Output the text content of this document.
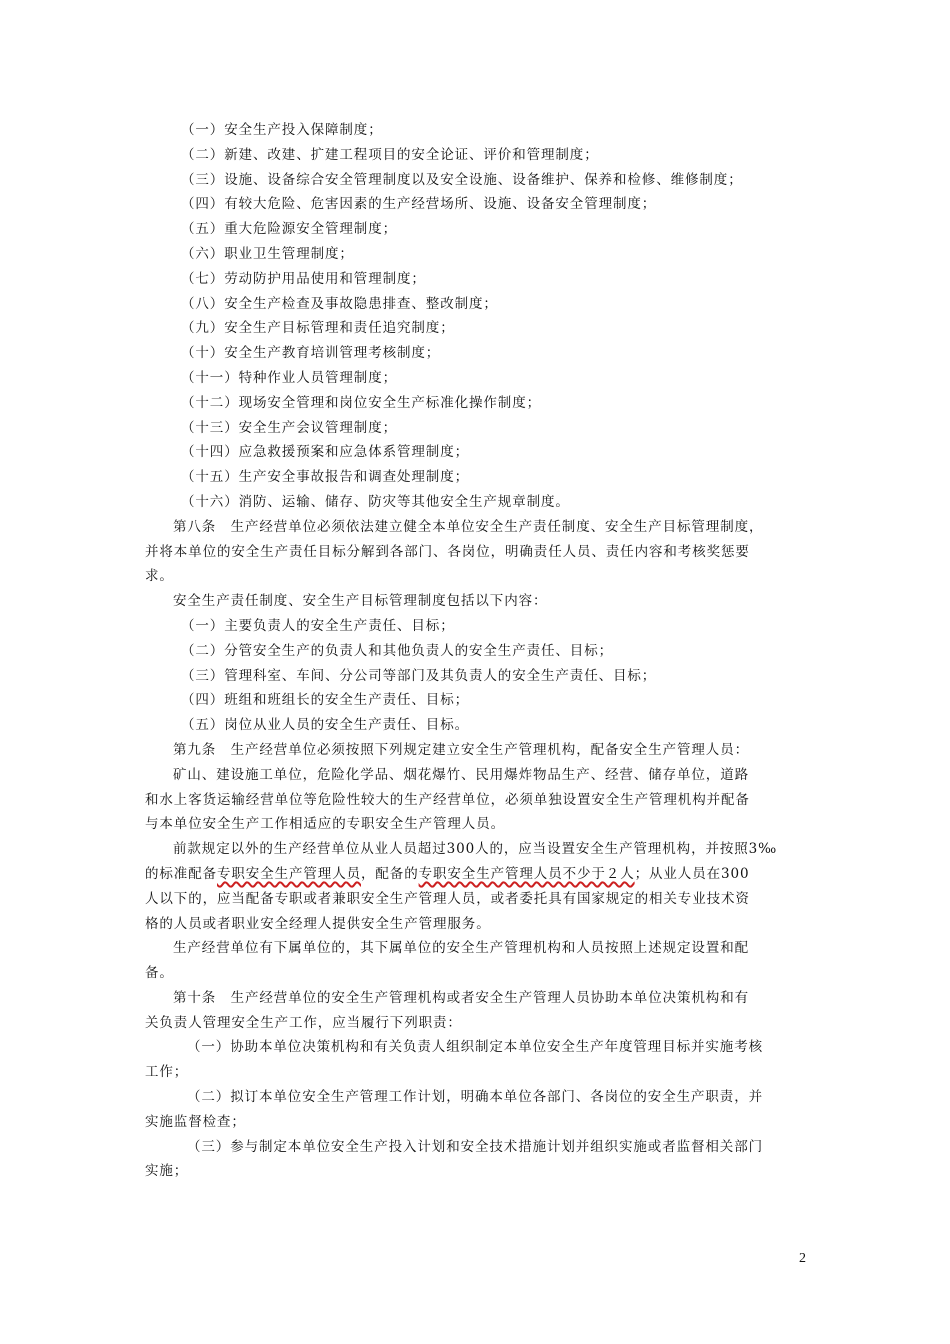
（一）安全生产投入保障制度；
（二）新建、改建、扩建工程项目的安全论证、评价和管理制度；
（三）设施、设备综合安全管理制度以及安全设施、设备维护、保养和检修、维修制度；
（四）有较大危险、危害因素的生产经营场所、设施、设备安全管理制度；
（五）重大危险源安全管理制度；
（六）职业卫生管理制度；
（七）劳动防护用品使用和管理制度；
（八）安全生产检查及事故隐患排查、整改制度；
（九）安全生产目标管理和责任追究制度；
（十）安全生产教育培训管理考核制度；
（十一）特种作业人员管理制度；
（十二）现场安全管理和岗位安全生产标准化操作制度；
（十三）安全生产会议管理制度；
（十四）应急救援预案和应急体系管理制度；
（十五）生产安全事故报告和调查处理制度；
（十六）消防、运输、储存、防灾等其他安全生产规章制度。
第八条　生产经营单位必须依法建立健全本单位安全生产责任制度、安全生产目标管理制度，
并将本单位的安全生产责任目标分解到各部门、各岗位，明确责任人员、责任内容和考核奖惩要
求。
安全生产责任制度、安全生产目标管理制度包括以下内容：
（一）主要负责人的安全生产责任、目标；
（二）分管安全生产的负责人和其他负责人的安全生产责任、目标；
（三）管理科室、车间、分公司等部门及其负责人的安全生产责任、目标；
（四）班组和班组长的安全生产责任、目标；
（五）岗位从业人员的安全生产责任、目标。
第九条　生产经营单位必须按照下列规定建立安全生产管理机构，配备安全生产管理人员：
矿山、建设施工单位，危险化学品、烟花爆竹、民用爆炸物品生产、经营、储存单位，道路
和水上客货运输经营单位等危险性较大的生产经营单位，必须单独设置安全生产管理机构并配备
与本单位安全生产工作相适应的专职安全生产管理人员。
前款规定以外的生产经营单位从业人员超过300人的，应当设置安全生产管理机构，并按照3‰
的标准配备专职安全生产管理人员，配备的专职安全生产管理人员不少于２人；从业人员在300
人以下的，应当配备专职或者兼职安全生产管理人员，或者委托具有国家规定的相关专业技术资
格的人员或者职业安全经理人提供安全生产管理服务。
生产经营单位有下属单位的，其下属单位的安全生产管理机构和人员按照上述规定设置和配
备。
第十条　生产经营单位的安全生产管理机构或者安全生产管理人员协助本单位决策机构和有
关负责人管理安全生产工作，应当履行下列职责：
（一）协助本单位决策机构和有关负责人组织制定本单位安全生产年度管理目标并实施考核
工作；
（二）拟订本单位安全生产管理工作计划，明确本单位各部门、各岗位的安全生产职责，并
实施监督检查；
（三）参与制定本单位安全生产投入计划和安全技术措施计划并组织实施或者监督相关部门
实施；
2
